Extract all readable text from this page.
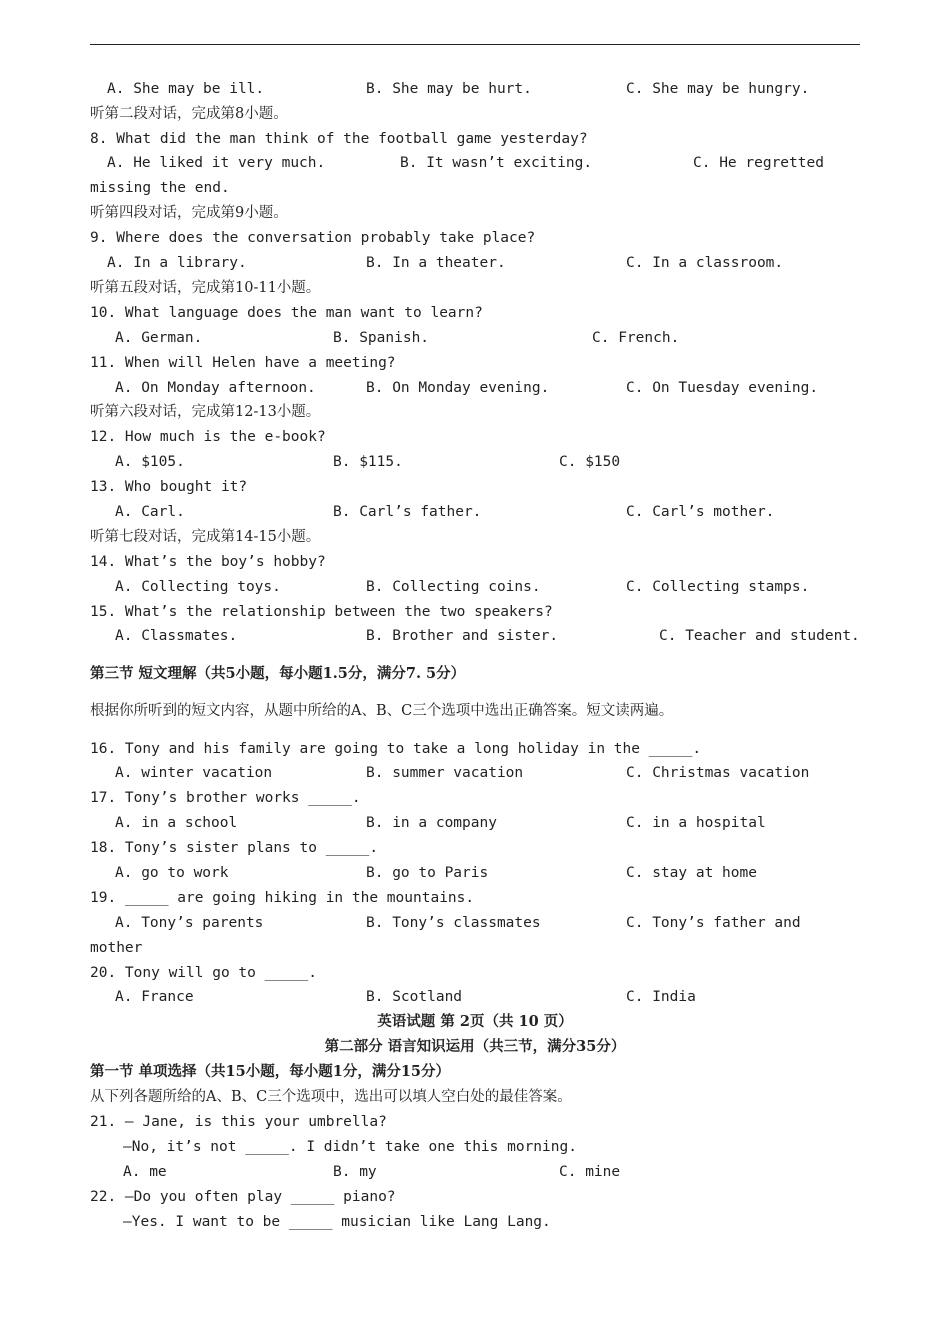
A. She may be ill.	B. She may be hurt.	C. She may be hungry.
听第二段对话，完成第8小题。
8. What did the man think of the football game yesterday?
A. He liked it very much.	B. It wasn’t exciting.	C. He regretted
missing the end.
听第四段对话，完成第9小题。
9. Where does the conversation probably take place?
A. In a library.	B. In a theater.	C. In a classroom.
听第五段对话，完成第10-11小题。
10. What language does the man want to learn?
A. German.	B. Spanish.	C. French.
11. When will Helen have a meeting?
A. On Monday afternoon.	B. On Monday evening.	C. On Tuesday evening.
听第六段对话，完成第12-13小题。
12. How much is the e-book?
A. $105.	B. $115.	C. $150
13. Who bought it?
A. Carl.	B. Carl’s father.	C. Carl’s mother.
听第七段对话，完成第14-15小题。
14. What’s the boy’s hobby?
A. Collecting toys.	B. Collecting coins.	C. Collecting stamps.
15. What’s the relationship between the two speakers?
A. Classmates.	B. Brother and sister.	C. Teacher and student.
第三节 短文理解（共5小题，每小题1.5分，满分7. 5分）
根据你所听到的短文内容，从题中所给的A、B、C三个选项中选出正确答案。短文读两遍。
16. Tony and his family are going to take a long holiday in the _____.
A. winter vacation	B. summer vacation	C. Christmas vacation
17. Tony’s brother works _____.
A. in a school	B. in a company	C. in a hospital
18. Tony’s sister plans to _____.
A. go to work	B. go to Paris	C. stay at home
19. _____ are going hiking in the mountains.
A. Tony’s parents	B. Tony’s classmates	C. Tony’s father and
mother
20. Tony will go to _____.
A. France	B. Scotland	C. India
英语试题 第 2页（共 10 页）
第二部分 语言知识运用（共三节，满分35分）
第一节 单项选择（共15小题，每小题1分，满分15分）
从下列各题所给的A、B、C三个选项中，选出可以填人空白处的最佳答案。
21. — Jane, is this your umbrella?
—No, it’s not _____. I didn’t take one this morning.
A. me	B. my	C. mine
22. —Do you often play _____ piano?
—Yes. I want to be _____ musician like Lang Lang.
